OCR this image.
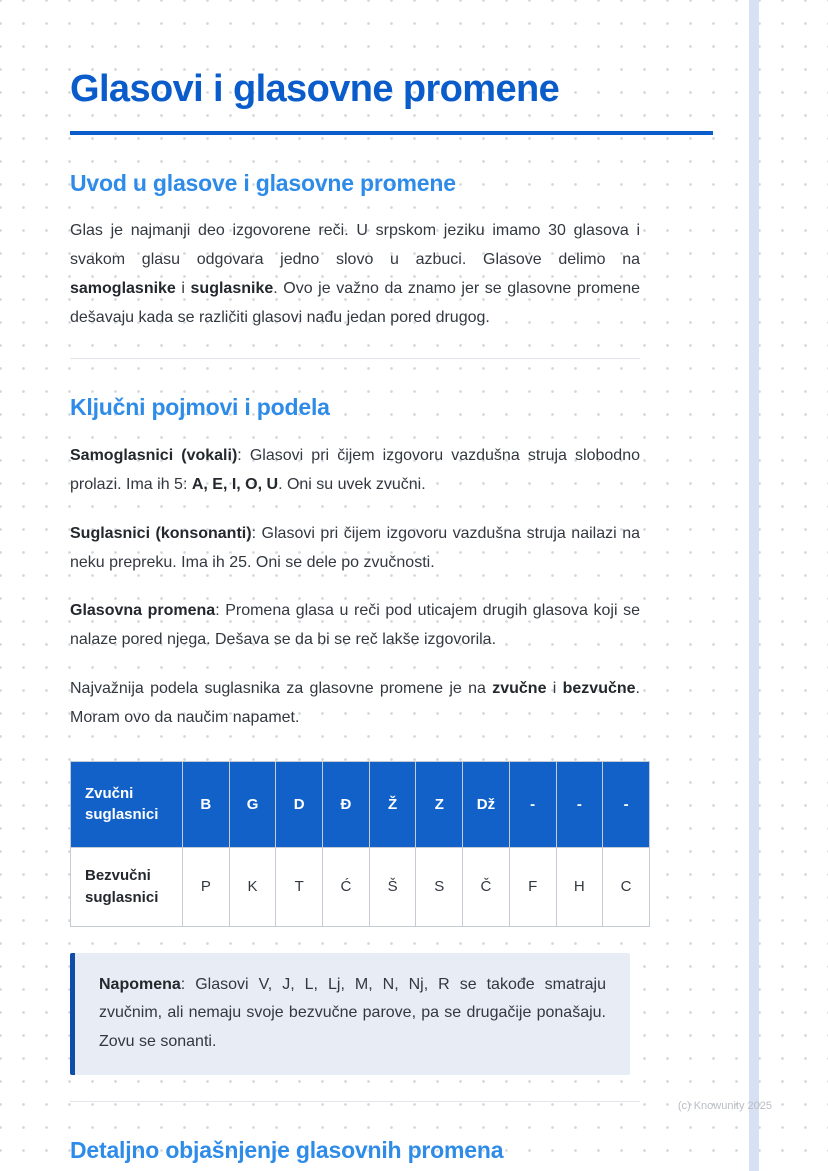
Glasovi i glasovne promene
Uvod u glasove i glasovne promene

Glas je najmanji deo izgovorene reči. U srpskom jeziku imamo 30 glasova i svakom glasu odgovara jedno slovo u azbuci. Glasove delimo na samoglasnike i suglasnike. Ovo je važno da znamo jer se glasovne promene dešavaju kada se različiti glasovi nađu jedan pored drugog.

Ključni pojmovi i podela

Samoglasnici (vokali): Glasovi pri čijem izgovoru vazdušna struja slobodno prolazi. Ima ih 5: A, E, I, O, U. Oni su uvek zvučni.

Suglasnici (konsonanti): Glasovi pri čijem izgovoru vazdušna struja nailazi na neku prepreku. Ima ih 25. Oni se dele po zvučnosti.

Glasovna promena: Promena glasa u reči pod uticajem drugih glasova koji se nalaze pored njega. Dešava se da bi se reč lakše izgovorila.

Najvažnija podela suglasnika za glasovne promene je na zvučne i bezvučne. Moram ovo da naučim napamet.

Zvučni suglasnici	B	G	D	Đ	Ž	Z	Dž	-	-	-
Bezvučni suglasnici	P	K	T	Ć	Š	S	Č	F	H	C

Napomena: Glasovi V, J, L, Lj, M, N, Nj, R se takođe smatraju zvučnim, ali nemaju svoje bezvučne parove, pa se drugačije ponašaju. Zovu se sonanti.

Detaljno objašnjenje glasovnih promena
(c) Knowunity 2025
